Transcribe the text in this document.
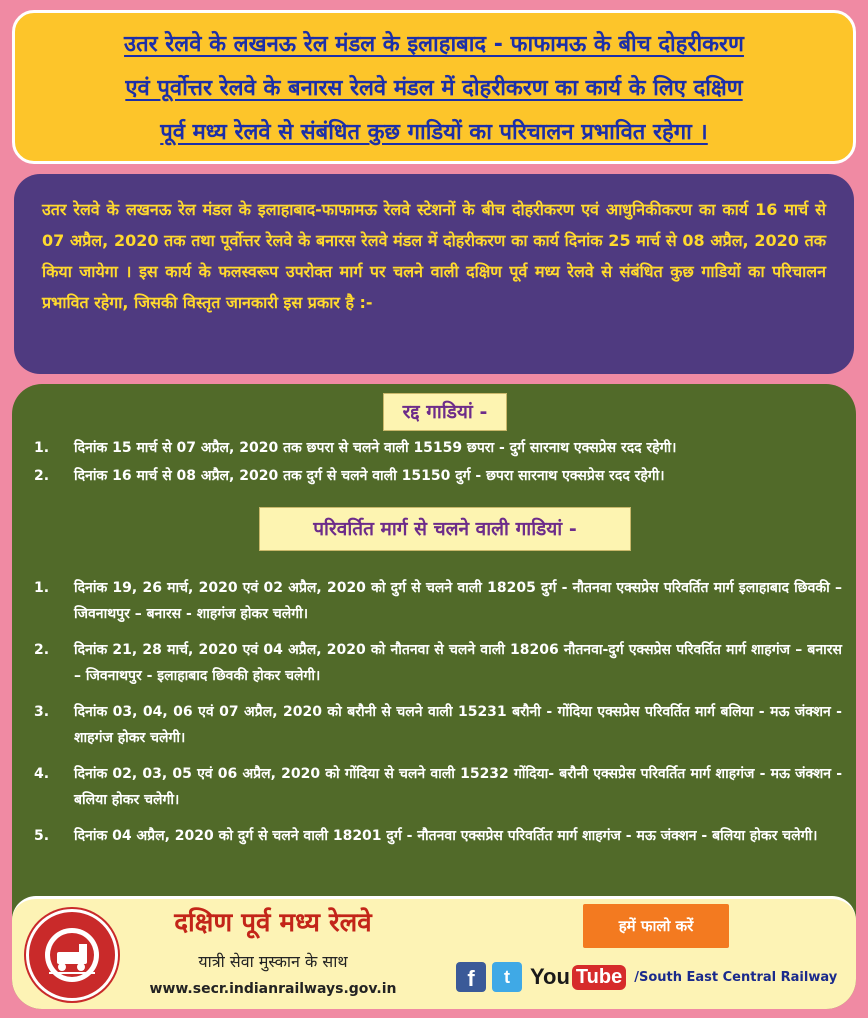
उतर रेलवे के लखनऊ रेल मंडल के इलाहाबाद - फाफामऊ के बीच दोहरीकरण

एवं पूर्वोत्तर रेलवे के बनारस रेलवे मंडल में दोहरीकरण का कार्य के लिए दक्षिण

पूर्व मध्य रेलवे से संबंधित कुछ गाडियों का परिचालन प्रभावित रहेगा ।

उतर रेलवे के लखनऊ रेल मंडल के इलाहाबाद-फाफामऊ रेलवे स्टेशनों के बीच दोहरीकरण एवं आधुनिकीकरण का कार्य 16 मार्च से 07 अप्रैल, 2020 तक तथा पूर्वोत्तर रेलवे के बनारस रेलवे मंडल में दोहरीकरण का कार्य दिनांक 25 मार्च से 08 अप्रैल, 2020 तक किया जायेगा । इस कार्य के फलस्वरूप उपरोक्त मार्ग पर चलने वाली दक्षिण पूर्व मध्य रेलवे से संबंधित कुछ गाडियों का परिचालन प्रभावित रहेगा, जिसकी विस्तृत जानकारी इस प्रकार है :-

रद्द गाडियां -
1.	दिनांक 15 मार्च से 07 अप्रैल, 2020 तक छपरा से चलने वाली 15159 छपरा - दुर्ग सारनाथ एक्सप्रेस रदद रहेगी।
2.	दिनांक 16 मार्च से 08 अप्रैल, 2020 तक दुर्ग से चलने वाली 15150 दुर्ग - छपरा सारनाथ एक्सप्रेस रदद रहेगी।
परिवर्तित मार्ग से चलने वाली गाडियां -
1.	दिनांक 19, 26 मार्च, 2020 एवं 02 अप्रैल, 2020 को दुर्ग से चलने वाली 18205 दुर्ग - नौतनवा एक्सप्रेस परिवर्तित मार्ग इलाहाबाद छिवकी – जिवनाथपुर – बनारस - शाहगंज होकर चलेगी।
2.	दिनांक 21, 28 मार्च, 2020 एवं 04 अप्रैल, 2020 को नौतनवा से चलने वाली 18206 नौतनवा-दुर्ग एक्सप्रेस परिवर्तित मार्ग शाहगंज – बनारस – जिवनाथपुर - इलाहाबाद छिवकी होकर चलेगी।
3.	दिनांक 03, 04, 06 एवं 07 अप्रैल, 2020 को बरौनी से चलने वाली 15231 बरौनी - गोंदिया एक्सप्रेस परिवर्तित मार्ग बलिया - मऊ जंक्शन - शाहगंज होकर चलेगी।
4.	दिनांक 02, 03, 05 एवं 06 अप्रैल, 2020 को गोंदिया से चलने वाली 15232 गोंदिया- बरौनी एक्सप्रेस परिवर्तित मार्ग शाहगंज - मऊ जंक्शन - बलिया होकर चलेगी।
5.	दिनांक 04 अप्रैल, 2020 को दुर्ग से चलने वाली 18201 दुर्ग - नौतनवा एक्सप्रेस परिवर्तित मार्ग शाहगंज - मऊ जंक्शन - बलिया होकर चलेगी।
दक्षिण पूर्व मध्य रेलवे
यात्री सेवा मुस्कान के साथ
www.secr.indianrailways.gov.in
हमें फालो करें
f	t You Tube /South East Central Railway
